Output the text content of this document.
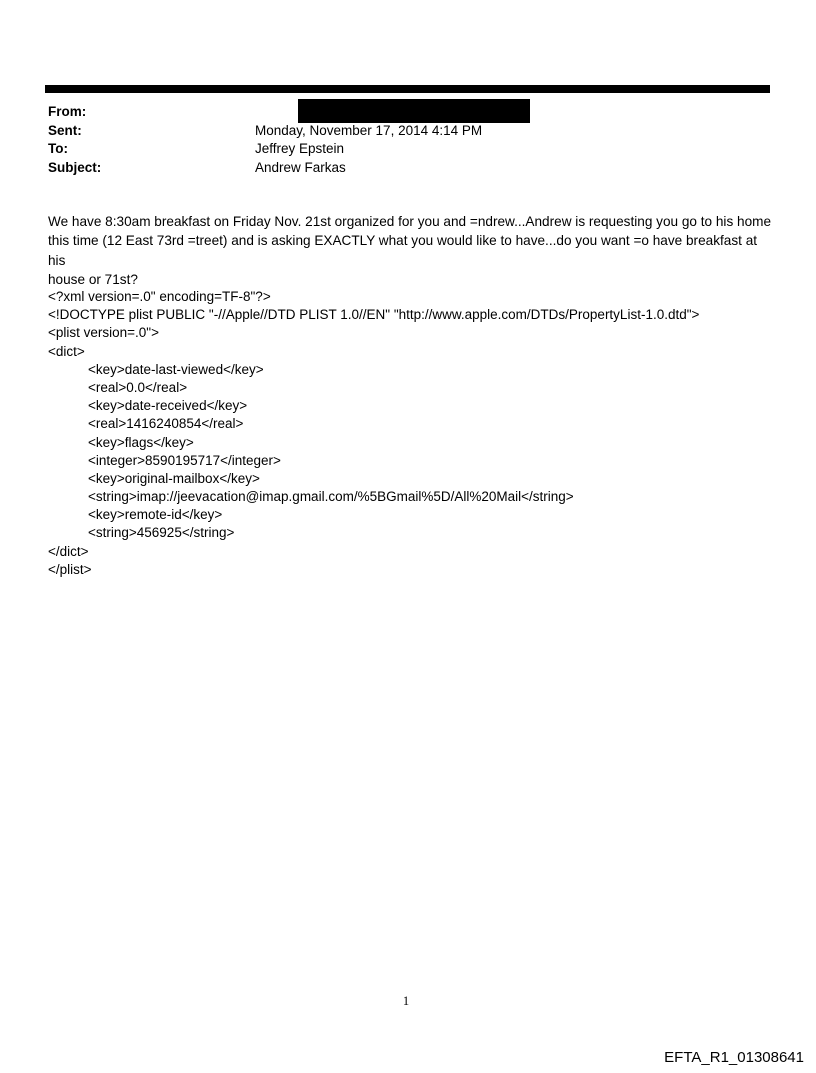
From:
Sent:	Monday, November 17, 2014 4:14 PM
To:	Jeffrey Epstein
Subject:	Andrew Farkas
We have 8:30am breakfast on Friday Nov. 21st organized for you and =ndrew...Andrew is requesting you go to his home
this time (12 East 73rd =treet) and is asking EXACTLY what you would like to have...do you want =o have breakfast at his
house or 71st?
<?xml version=.0" encoding=TF-8"?>
<!DOCTYPE plist PUBLIC "-//Apple//DTD PLIST 1.0//EN" "http://www.apple.com/DTDs/PropertyList-1.0.dtd">
<plist version=.0">
<dict>
<key>date-last-viewed</key>
<real>0.0</real>
<key>date-received</key>
<real>1416240854</real>
<key>flags</key>
<integer>8590195717</integer>
<key>original-mailbox</key>
<string>imap://jeevacation@imap.gmail.com/%5BGmail%5D/All%20Mail</string>
<key>remote-id</key>
<string>456925</string>
</dict>
</plist>
1
EFTA_R1_01308641
